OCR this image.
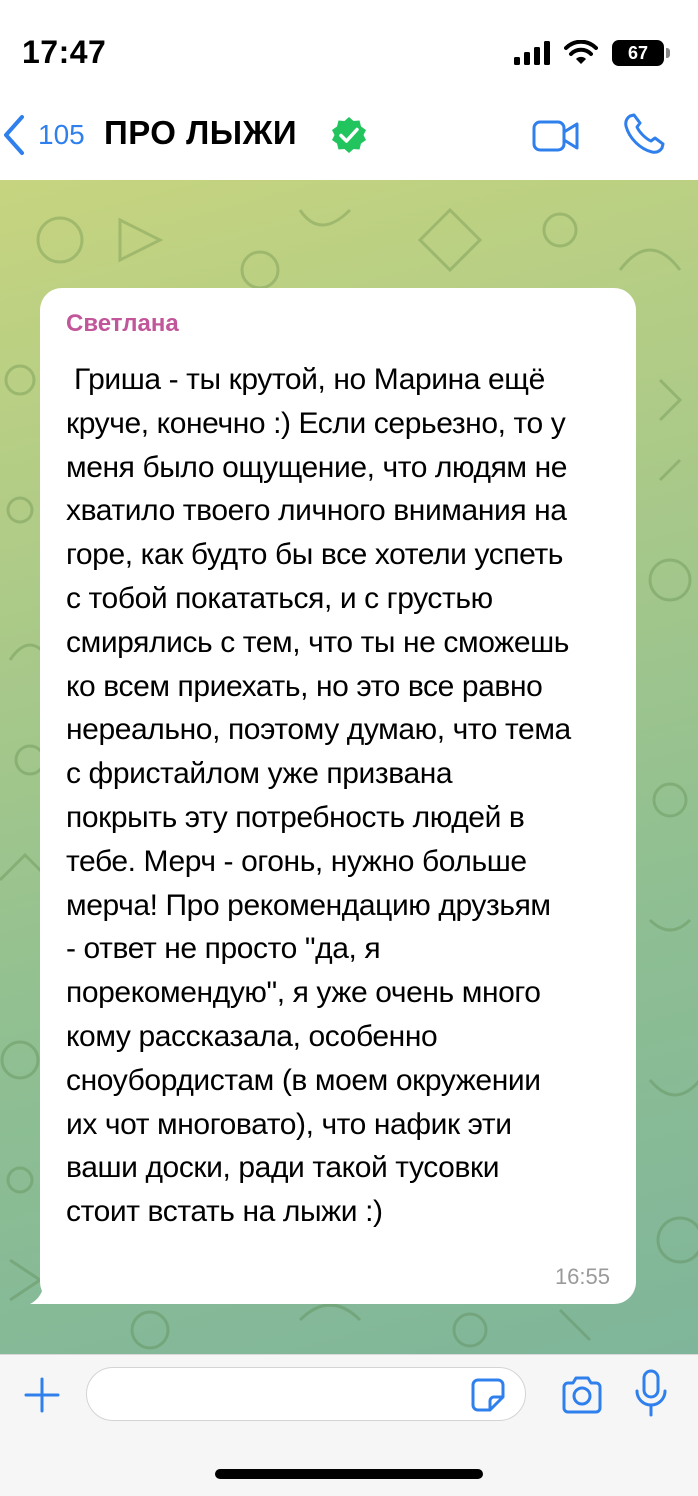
17:47	67
105 ПРО ЛЫЖИ
Светлана
Гриша - ты крутой, но Марина ещё
круче, конечно :) Если серьезно, то у
меня было ощущение, что людям не
хватило твоего личного внимания на
горе, как будто бы все хотели успеть
с тобой покататься, и с грустью
смирялись с тем, что ты не сможешь
ко всем приехать, но это все равно
нереально, поэтому думаю, что тема
с фристайлом уже призвана
покрыть эту потребность людей в
тебе. Мерч - огонь, нужно больше
мерча! Про рекомендацию друзьям
- ответ не просто "да, я
порекомендую", я уже очень много
кому рассказала, особенно
сноубордистам (в моем окружении
их чот многовато), что нафик эти
ваши доски, ради такой тусовки
стоит встать на лыжи :)
16:55
